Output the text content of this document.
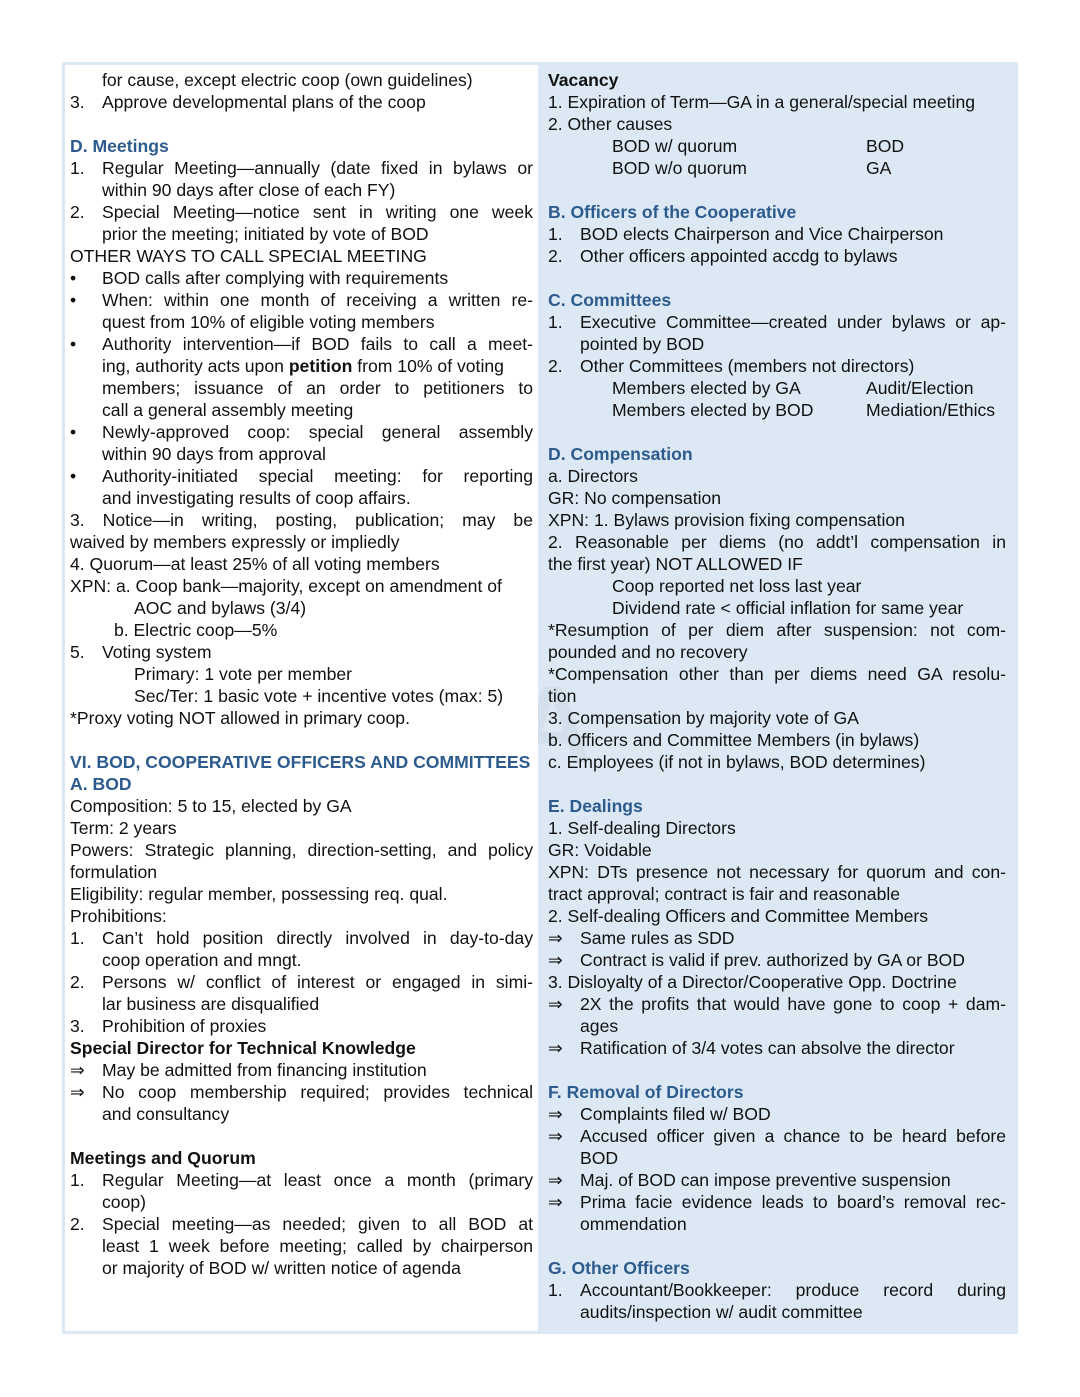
for cause, except electric coop (own guidelines)
3. Approve developmental plans of the coop
D. Meetings
1. Regular Meeting—annually (date fixed in bylaws or
within 90 days after close of each FY)
2. Special Meeting—notice sent in writing one week
prior the meeting; initiated by vote of BOD
OTHER WAYS TO CALL SPECIAL MEETING
•	BOD calls after complying with requirements
•	When: within one month of receiving a written re-
quest from 10% of eligible voting members
•	Authority intervention—if BOD fails to call a meet-
ing, authority acts upon petition from 10% of voting
members; issuance of an order to petitioners to
call a general assembly meeting
•	Newly-approved coop: special general assembly
within 90 days from approval
•	Authority-initiated special meeting: for reporting
and investigating results of coop affairs.
3. Notice—in writing, posting, publication; may be
waived by members expressly or impliedly
4. Quorum—at least 25% of all voting members
XPN: a. Coop bank—majority, except on amendment of
AOC and bylaws (3/4)
b. Electric coop—5%
5. Voting system
Primary: 1 vote per member
Sec/Ter: 1 basic vote + incentive votes (max: 5)
*Proxy voting NOT allowed in primary coop.
VI. BOD, COOPERATIVE OFFICERS AND COMMITTEES
A. BOD
Composition: 5 to 15, elected by GA
Term: 2 years
Powers: Strategic planning, direction-setting, and policy
formulation
Eligibility: regular member, possessing req. qual.
Prohibitions:
1. Can’t hold position directly involved in day-to-day
coop operation and mngt.
2. Persons w/ conflict of interest or engaged in simi-
lar business are disqualified
3. Prohibition of proxies
Special Director for Technical Knowledge
⇒ May be admitted from financing institution
⇒ No coop membership required; provides technical
and consultancy
Meetings and Quorum
1. Regular Meeting—at least once a month (primary
coop)
2. Special meeting—as needed; given to all BOD at
least 1 week before meeting; called by chairperson
or majority of BOD w/ written notice of agenda
Vacancy
1. Expiration of Term—GA in a general/special meeting
2. Other causes
BOD w/ quorum	BOD
BOD w/o quorum	GA
B. Officers of the Cooperative
1. BOD elects Chairperson and Vice Chairperson
2. Other officers appointed accdg to bylaws
C. Committees
1. Executive Committee—created under bylaws or ap-
pointed by BOD
2. Other Committees (members not directors)
Members elected by GA	Audit/Election
Members elected by BOD	Mediation/Ethics
D. Compensation
a. Directors
GR: No compensation
XPN: 1. Bylaws provision fixing compensation
2. Reasonable per diems (no addt’l compensation in
the first year) NOT ALLOWED IF
Coop reported net loss last year
Dividend rate < official inflation for same year
*Resumption of per diem after suspension: not com-
pounded and no recovery
*Compensation other than per diems need GA resolu-
tion
3. Compensation by majority vote of GA
b. Officers and Committee Members (in bylaws)
c. Employees (if not in bylaws, BOD determines)
E. Dealings
1. Self-dealing Directors
GR: Voidable
XPN: DTs presence not necessary for quorum and con-
tract approval; contract is fair and reasonable
2. Self-dealing Officers and Committee Members
⇒ Same rules as SDD
⇒ Contract is valid if prev. authorized by GA or BOD
3. Disloyalty of a Director/Cooperative Opp. Doctrine
⇒ 2X the profits that would have gone to coop + dam-
ages
⇒ Ratification of 3/4 votes can absolve the director
F. Removal of Directors
⇒ Complaints filed w/ BOD
⇒ Accused officer given a chance to be heard before
BOD
⇒ Maj. of BOD can impose preventive suspension
⇒ Prima facie evidence leads to board’s removal rec-
ommendation
G. Other Officers
1. Accountant/Bookkeeper: produce record during
audits/inspection w/ audit committee
